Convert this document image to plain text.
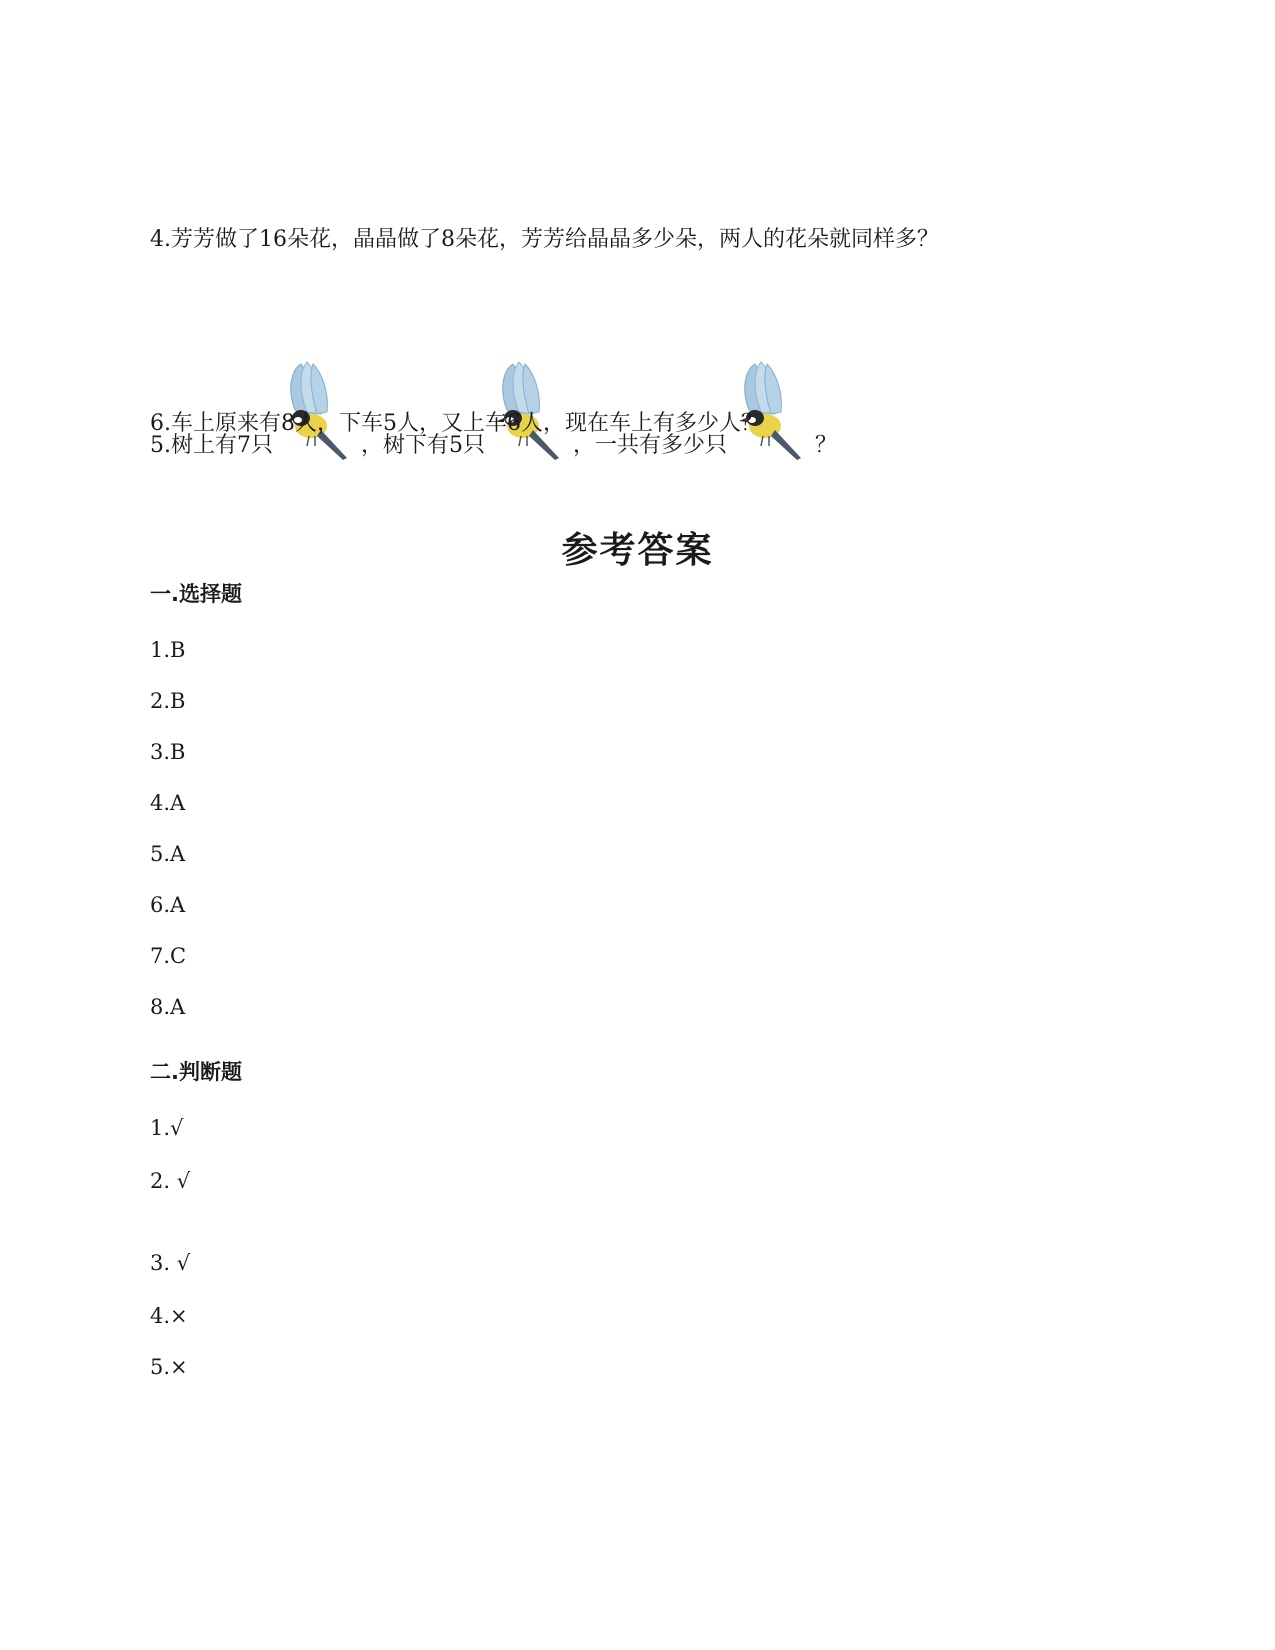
4.芳芳做了16朵花，晶晶做了8朵花，芳芳给晶晶多少朵，两人的花朵就同样多？
5.树上有7只	，树下有5只	，一共有多少只	？
6.车上原来有8人，下车5人，又上车6人，现在车上有多少人？
参考答案
一.选择题
1.B
2.B
3.B
4.A
5.A
6.A
7.C
8.A
二.判断题
1.√
2. √
3. √
4.×
5.×
